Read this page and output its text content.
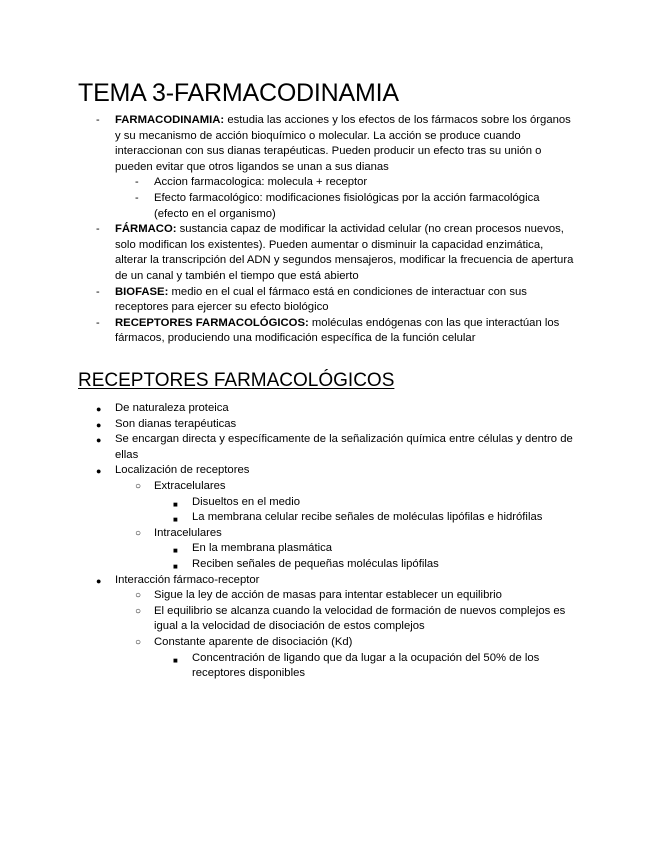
TEMA 3-FARMACODINAMIA
- FARMACODINAMIA: estudia las acciones y los efectos de los fármacos sobre los órganos y su mecanismo de acción bioquímico o molecular. La acción se produce cuando interaccionan con sus dianas terapéuticas. Pueden producir un efecto tras su unión o pueden evitar que otros ligandos se unan a sus dianas
- Accion farmacologica: molecula + receptor
- Efecto farmacológico: modificaciones fisiológicas por la acción farmacológica (efecto en el organismo)
- FÁRMACO: sustancia capaz de modificar la actividad celular (no crean procesos nuevos, solo modifican los existentes). Pueden aumentar o disminuir la capacidad enzimática, alterar la transcripción del ADN y segundos mensajeros, modificar la frecuencia de apertura de un canal y también el tiempo que está abierto
- BIOFASE: medio en el cual el fármaco está en condiciones de interactuar con sus receptores para ejercer su efecto biológico
- RECEPTORES FARMACOLÓGICOS: moléculas endógenas con las que interactúan los fármacos, produciendo una modificación específica de la función celular
RECEPTORES FARMACOLÓGICOS
● De naturaleza proteica
● Son dianas terapéuticas
● Se encargan directa y específicamente de la señalización química entre células y dentro de ellas
● Localización de receptores
○ Extracelulares
■ Disueltos en el medio
■ La membrana celular recibe señales de moléculas lipófilas e hidrófilas
○ Intracelulares
■ En la membrana plasmática
■ Reciben señales de pequeñas moléculas lipófilas
● Interacción fármaco-receptor
○ Sigue la ley de acción de masas para intentar establecer un equilibrio
○ El equilibrio se alcanza cuando la velocidad de formación de nuevos complejos es igual a la velocidad de disociación de estos complejos
○ Constante aparente de disociación (Kd)
■ Concentración de ligando que da lugar a la ocupación del 50% de los receptores disponibles
